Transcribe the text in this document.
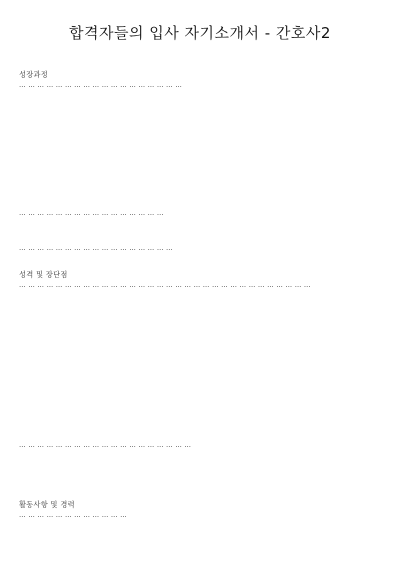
합격자들의 입사 자기소개서 - 간호사2
성장과정
… … … … … … … … … … … … … … … … … …
… … … … … … … … … … … … … … … …
… … … … … … … … … … … … … … … … …
성격 및 장단점
… … … … … … … … … … … … … … … … … … … … … … … … … … … … … … … …
… … … … … … … … … … … … … … … … … … …
활동사항 및 경력
… … … … … … … … … … … …
